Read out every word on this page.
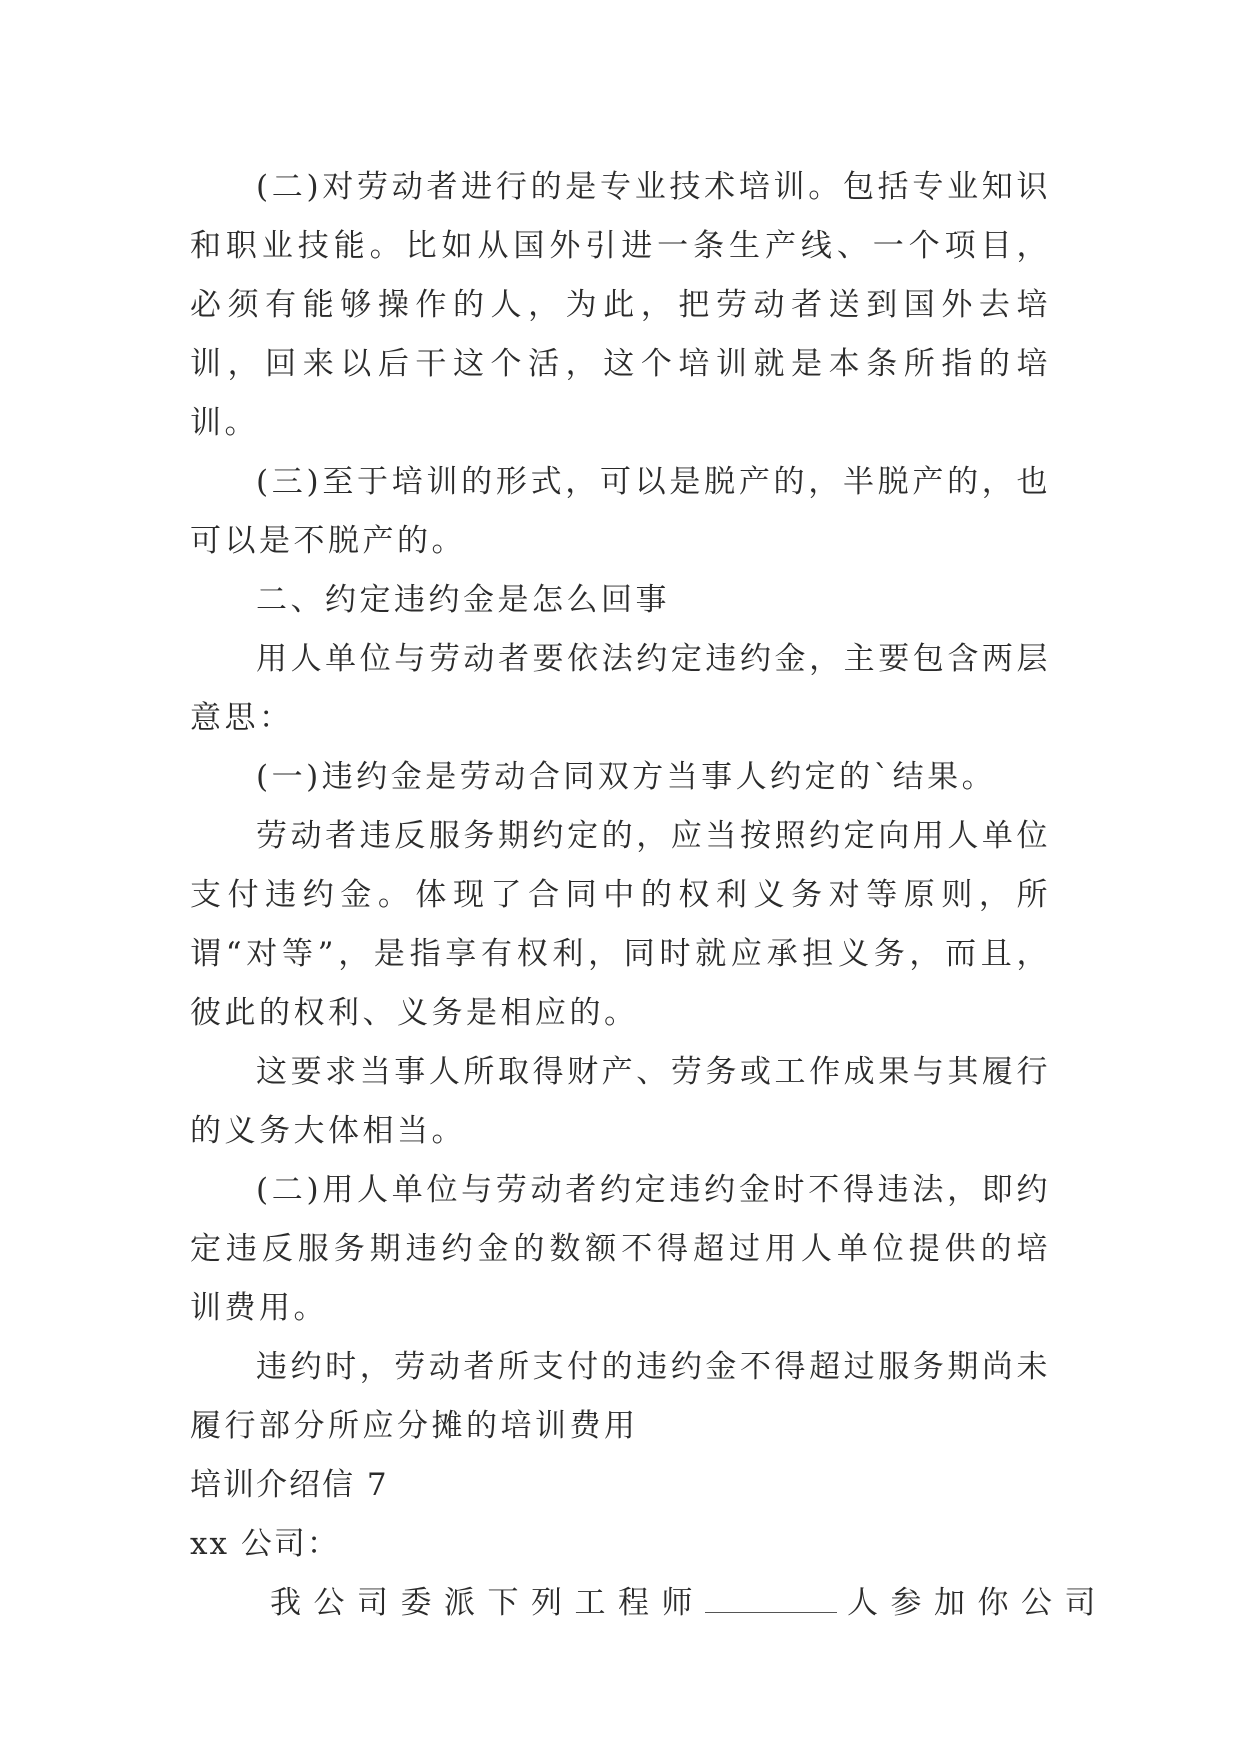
(二)对劳动者进行的是专业技术培训。包括专业知识和职业技能。比如从国外引进一条生产线、一个项目，必须有能够操作的人，为此，把劳动者送到国外去培训，回来以后干这个活，这个培训就是本条所指的培训。

(三)至于培训的形式，可以是脱产的，半脱产的，也可以是不脱产的。

二、约定违约金是怎么回事

用人单位与劳动者要依法约定违约金，主要包含两层意思：

(一)违约金是劳动合同双方当事人约定的`结果。

劳动者违反服务期约定的，应当按照约定向用人单位支付违约金。体现了合同中的权利义务对等原则，所谓“对等”，是指享有权利，同时就应承担义务，而且，彼此的权利、义务是相应的。

这要求当事人所取得财产、劳务或工作成果与其履行的义务大体相当。

(二)用人单位与劳动者约定违约金时不得违法，即约定违反服务期违约金的数额不得超过用人单位提供的培训费用。

违约时，劳动者所支付的违约金不得超过服务期尚未履行部分所应分摊的培训费用

培训介绍信 7

xx 公司：

我公司委派下列工程师	人参加你公司
